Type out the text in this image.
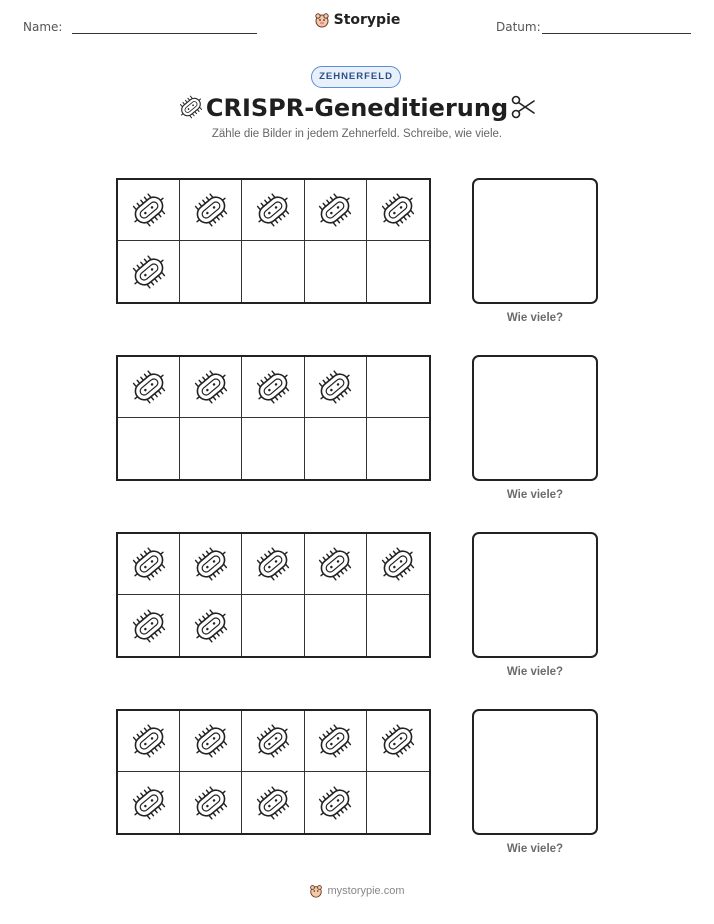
Name:	Storypie	Datum:
ZEHNERFELD
CRISPR-Geneditierung
Zähle die Bilder in jedem Zehnerfeld. Schreibe, wie viele.
Wie viele?
Wie viele?
Wie viele?
Wie viele?
mystorypie.com
